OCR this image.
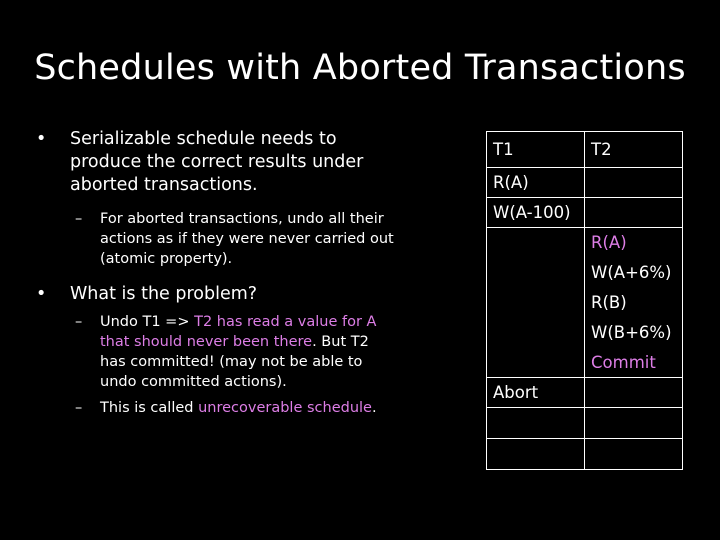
Schedules with Aborted Transactions
• Serializable schedule needs to produce the correct results under aborted transactions.
– For aborted transactions, undo all their actions as if they were never carried out (atomic property).
• What is the problem?
– Undo T1 => T2 has read a value for A that should never been there. But T2 has committed! (may not be able to undo committed actions).
– This is called unrecoverable schedule.
T1	T2
R(A)	
W(A-100)	
	R(A)
	W(A+6%)
	R(B)
	W(B+6%)
	Commit
Abort	
